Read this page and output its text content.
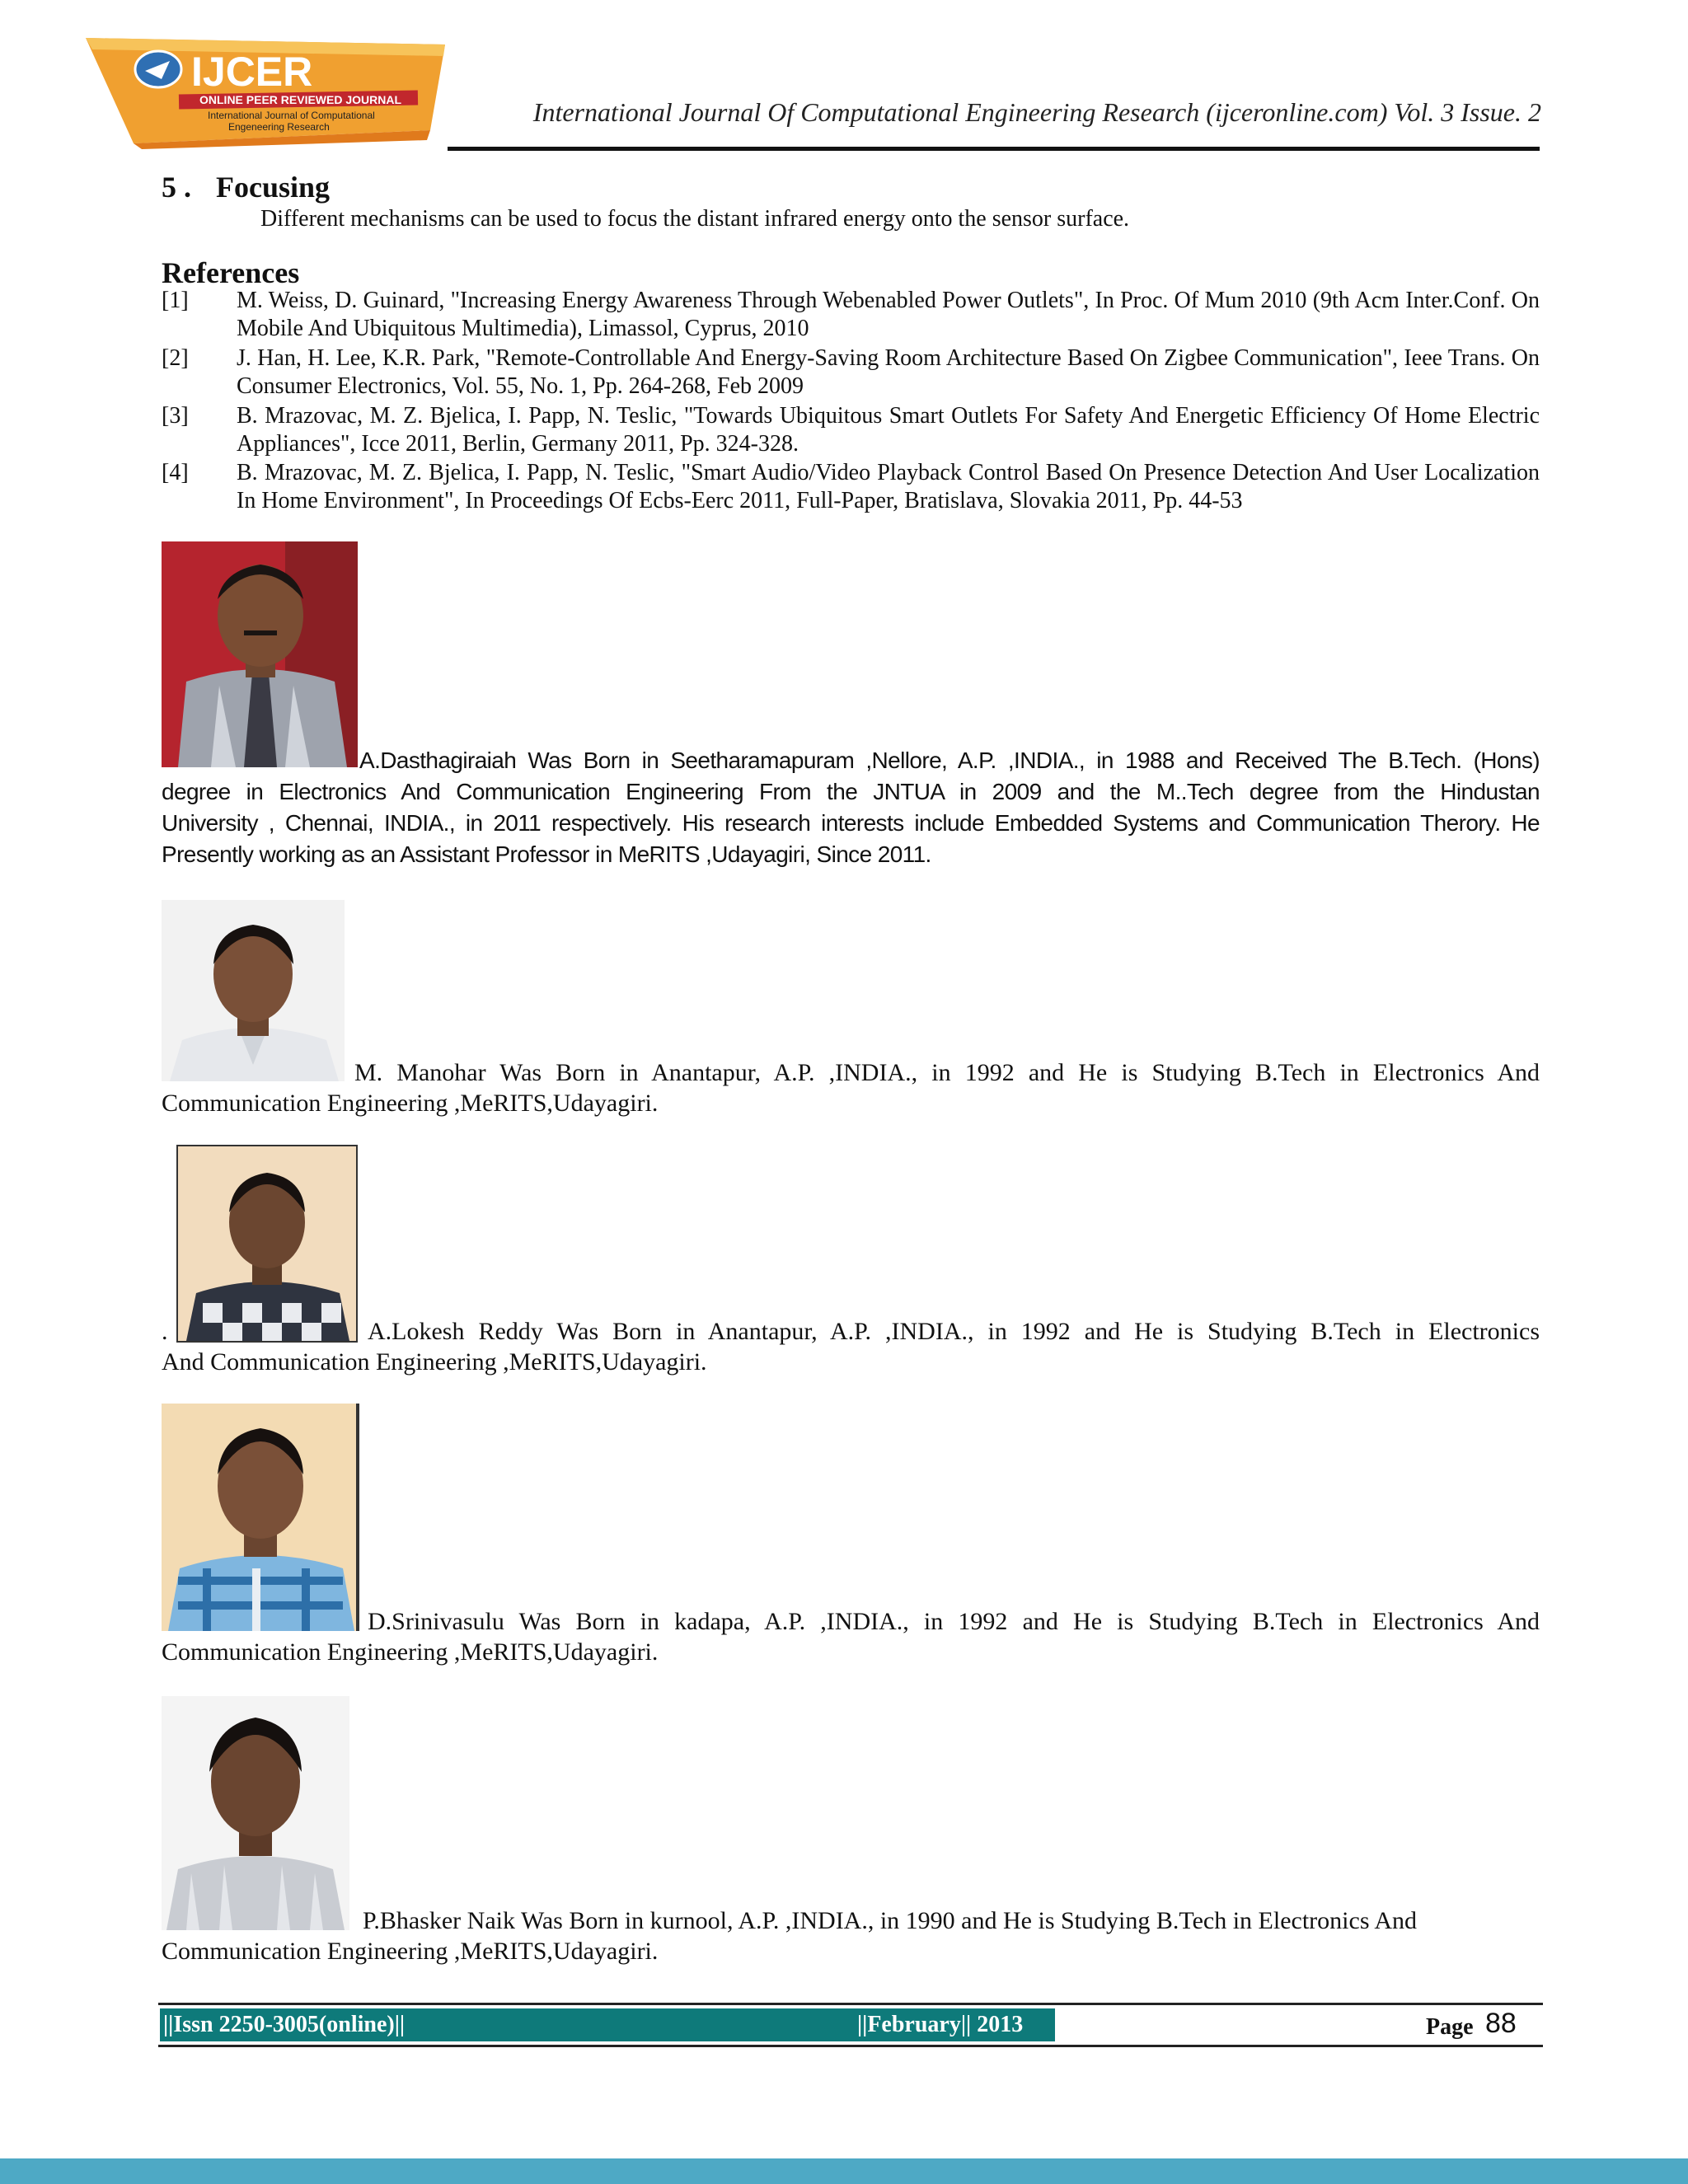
IJCER
ONLINE PEER REVIEWED JOURNAL
International Journal of Computational
Engeneering Research	International Journal Of Computational Engineering Research (ijceronline.com) Vol. 3 Issue. 2
5 . Focusing
Different mechanisms can be used to focus the distant infrared energy onto the sensor surface.
References
[1] M. Weiss, D. Guinard, "Increasing Energy Awareness Through Webenabled Power Outlets", In Proc. Of Mum 2010 (9th Acm Inter.Conf. On Mobile And Ubiquitous Multimedia), Limassol, Cyprus, 2010
[2] J. Han, H. Lee, K.R. Park, "Remote-Controllable And Energy-Saving Room Architecture Based On Zigbee Communication", Ieee Trans. On Consumer Electronics, Vol. 55, No. 1, Pp. 264-268, Feb 2009
[3] B. Mrazovac, M. Z. Bjelica, I. Papp, N. Teslic, "Towards Ubiquitous Smart Outlets For Safety And Energetic Efficiency Of Home Electric Appliances", Icce 2011, Berlin, Germany 2011, Pp. 324-328.
[4] B. Mrazovac, M. Z. Bjelica, I. Papp, N. Teslic, "Smart Audio/Video Playback Control Based On Presence Detection And User Localization In Home Environment", In Proceedings Of Ecbs-Eerc 2011, Full-Paper, Bratislava, Slovakia 2011, Pp. 44-53
A.Dasthagiraiah Was Born in Seetharamapuram ,Nellore, A.P. ,INDIA., in 1988 and Received The B.Tech. (Hons)
degree in Electronics And Communication Engineering From the JNTUA in 2009 and the M..Tech degree from the Hindustan
University , Chennai, INDIA., in 2011 respectively. His research interests include Embedded Systems and Communication Therory. He
Presently working as an Assistant Professor in MeRITS ,Udayagiri, Since 2011.
M. Manohar Was Born in Anantapur, A.P. ,INDIA., in 1992 and He is Studying B.Tech in Electronics And
Communication Engineering ,MeRITS,Udayagiri.
.	A.Lokesh Reddy Was Born in Anantapur, A.P. ,INDIA., in 1992 and He is Studying B.Tech in Electronics
And Communication Engineering ,MeRITS,Udayagiri.
D.Srinivasulu Was Born in kadapa, A.P. ,INDIA., in 1992 and He is Studying B.Tech in Electronics And
Communication Engineering ,MeRITS,Udayagiri.
P.Bhasker Naik Was Born in kurnool, A.P. ,INDIA., in 1990 and He is Studying B.Tech in Electronics And
Communication Engineering ,MeRITS,Udayagiri.
||Issn 2250-3005(online)||	||February|| 2013	Page 88
